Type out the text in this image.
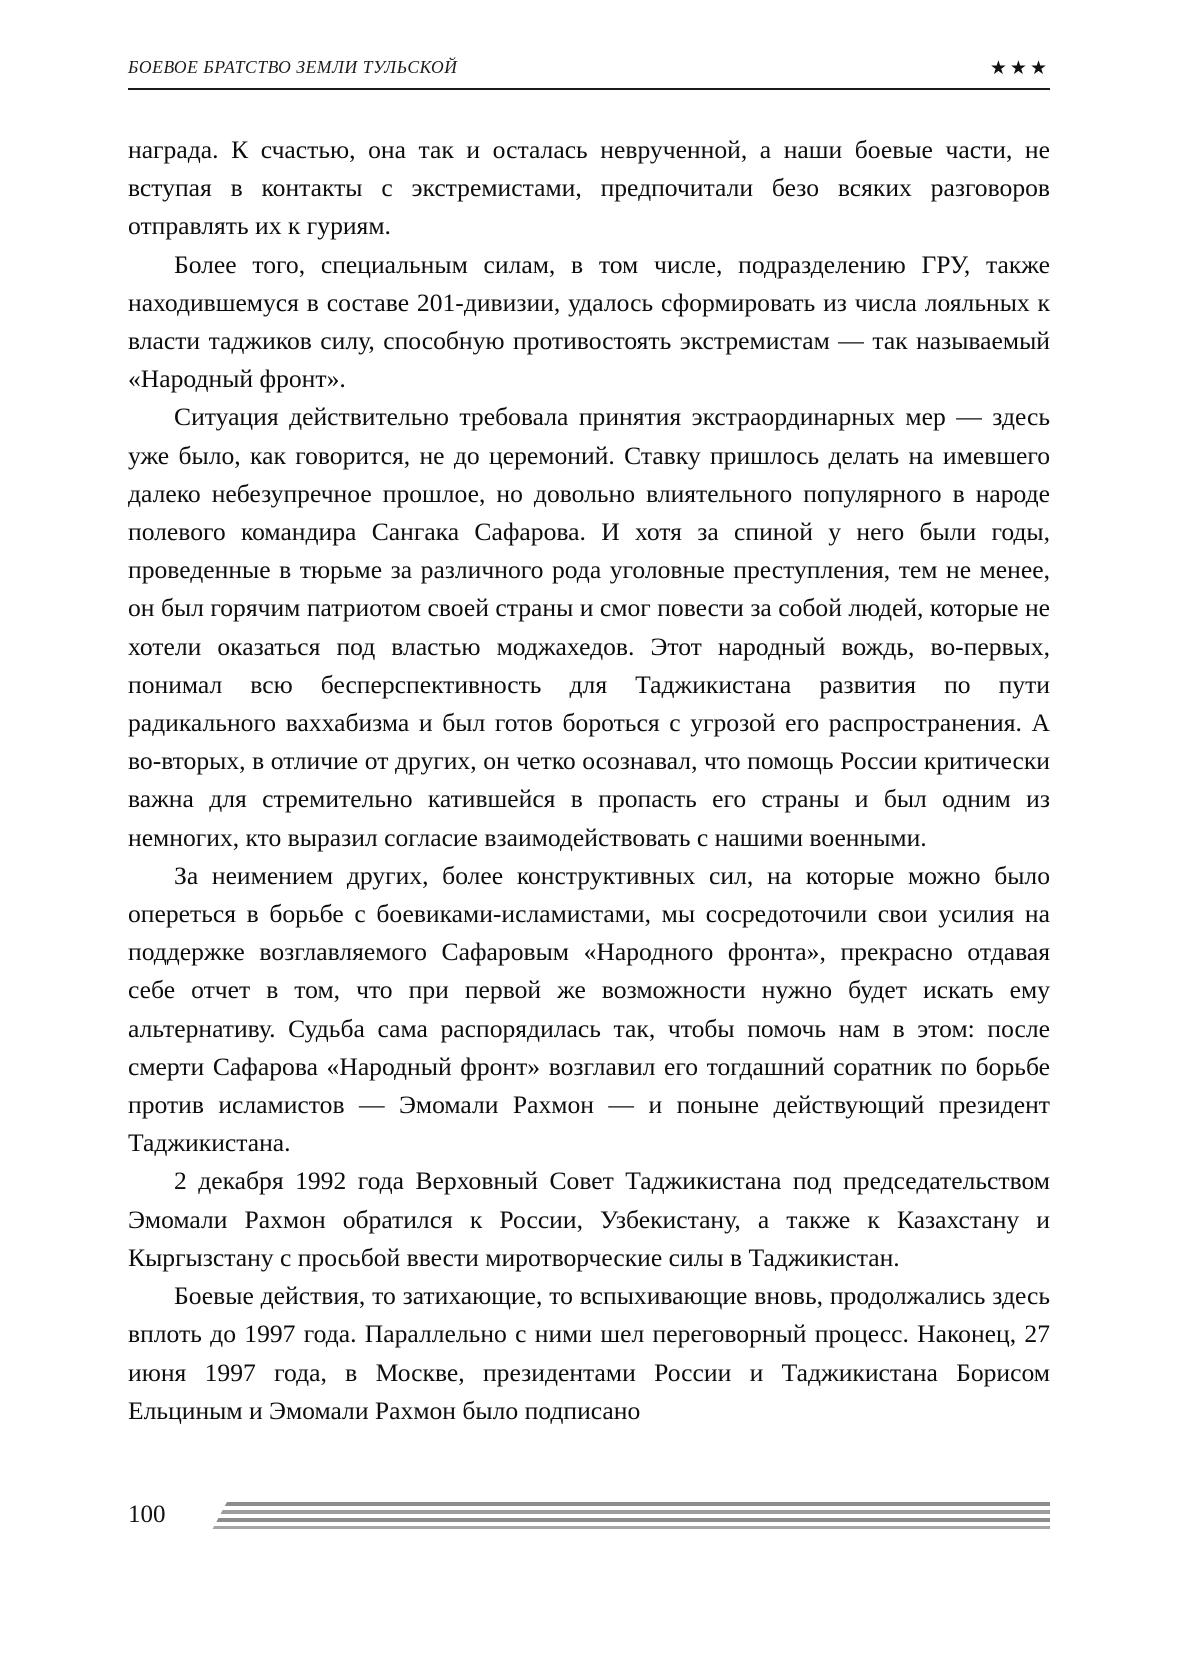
БОЕВОЕ БРАТСТВО ЗЕМЛИ ТУЛЬСКОЙ	★★★

награда. К счастью, она так и осталась неврученной, а наши боевые части, не вступая в контакты с экстремистами, предпочитали безо всяких разговоров отправлять их к гуриям.

Более того, специальным силам, в том числе, подразделению ГРУ, также находившемуся в составе 201-дивизии, удалось сформировать из числа лояльных к власти таджиков силу, способную противостоять экстремистам — так называемый «Народный фронт».

Ситуация действительно требовала принятия экстраординарных мер — здесь уже было, как говорится, не до церемоний. Ставку пришлось делать на имевшего далеко небезупречное прошлое, но довольно влиятельного популярного в народе полевого командира Сангака Сафарова. И хотя за спиной у него были годы, проведенные в тюрьме за различного рода уголовные преступления, тем не менее, он был горячим патриотом своей страны и смог повести за собой людей, которые не хотели оказаться под властью моджахедов. Этот народный вождь, во-первых, понимал всю бесперспективность для Таджикистана развития по пути радикального ваххабизма и был готов бороться с угрозой его распространения. А во-вторых, в отличие от других, он четко осознавал, что помощь России критически важна для стремительно катившейся в пропасть его страны и был одним из немногих, кто выразил согласие взаимодействовать с нашими военными.

За неимением других, более конструктивных сил, на которые можно было опереться в борьбе с боевиками-исламистами, мы сосредоточили свои усилия на поддержке возглавляемого Сафаровым «Народного фронта», прекрасно отдавая себе отчет в том, что при первой же возможности нужно будет искать ему альтернативу. Судьба сама распорядилась так, чтобы помочь нам в этом: после смерти Сафарова «Народный фронт» возглавил его тогдашний соратник по борьбе против исламистов — Эмомали Рахмон — и поныне действующий президент Таджикистана.

2 декабря 1992 года Верховный Совет Таджикистана под председательством Эмомали Рахмон обратился к России, Узбекистану, а также к Казахстану и Кыргызстану с просьбой ввести миротворческие силы в Таджикистан.

Боевые действия, то затихающие, то вспыхивающие вновь, продолжались здесь вплоть до 1997 года. Параллельно с ними шел переговорный процесс. Наконец, 27 июня 1997 года, в Москве, президентами России и Таджикистана Борисом Ельциным и Эмомали Рахмон было подписано

100
